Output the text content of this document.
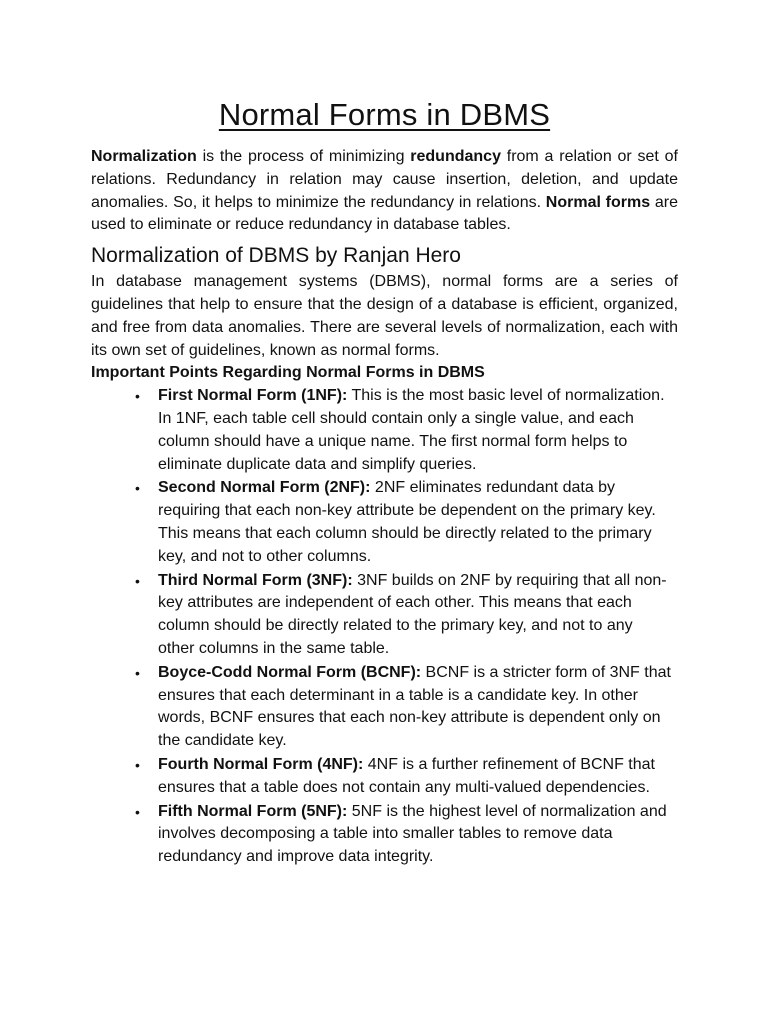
Normal Forms in DBMS

Normalization is the process of minimizing redundancy from a relation or set of relations. Redundancy in relation may cause insertion, deletion, and update anomalies. So, it helps to minimize the redundancy in relations. Normal forms are used to eliminate or reduce redundancy in database tables.

Normalization of DBMS by Ranjan Hero

In database management systems (DBMS), normal forms are a series of guidelines that help to ensure that the design of a database is efficient, organized, and free from data anomalies. There are several levels of normalization, each with its own set of guidelines, known as normal forms.

Important Points Regarding Normal Forms in DBMS
• First Normal Form (1NF): This is the most basic level of normalization. In 1NF, each table cell should contain only a single value, and each column should have a unique name. The first normal form helps to eliminate duplicate data and simplify queries.
• Second Normal Form (2NF): 2NF eliminates redundant data by requiring that each non-key attribute be dependent on the primary key. This means that each column should be directly related to the primary key, and not to other columns.
• Third Normal Form (3NF): 3NF builds on 2NF by requiring that all non-key attributes are independent of each other. This means that each column should be directly related to the primary key, and not to any other columns in the same table.
• Boyce-Codd Normal Form (BCNF): BCNF is a stricter form of 3NF that ensures that each determinant in a table is a candidate key. In other words, BCNF ensures that each non-key attribute is dependent only on the candidate key.
• Fourth Normal Form (4NF): 4NF is a further refinement of BCNF that ensures that a table does not contain any multi-valued dependencies.
• Fifth Normal Form (5NF): 5NF is the highest level of normalization and involves decomposing a table into smaller tables to remove data redundancy and improve data integrity.
